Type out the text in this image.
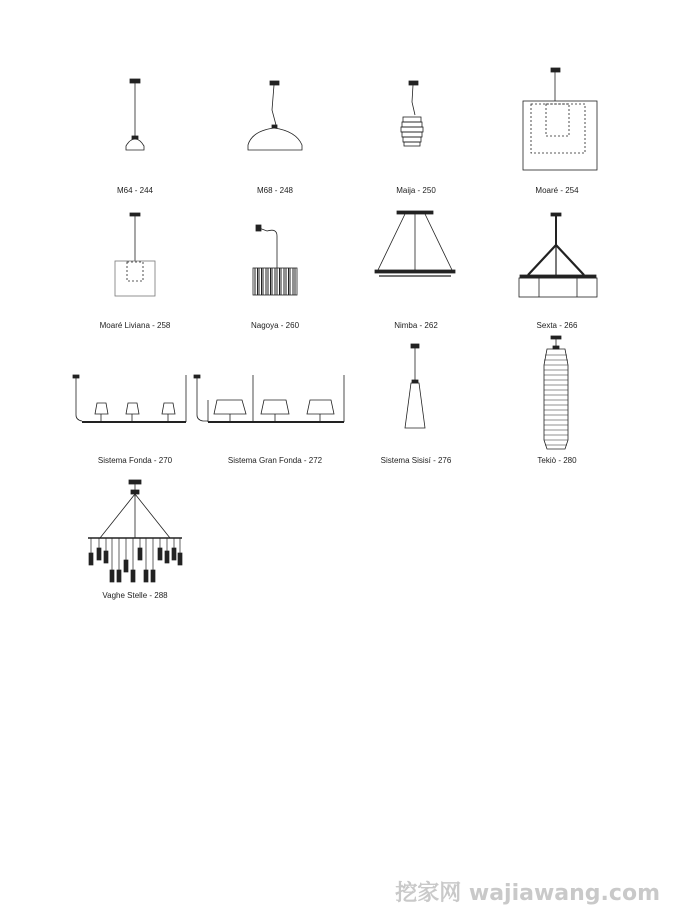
M64 - 244	M68 - 248	Maija - 250	Moaré - 254
Moaré Liviana - 258	Nagoya - 260	Nimba - 262	Sexta - 266
Sistema Fonda - 270	Sistema Gran Fonda - 272	Sistema Sisisí - 276	Tekiò - 280
Vaghe Stelle - 288
挖家网 wajiawang.com
